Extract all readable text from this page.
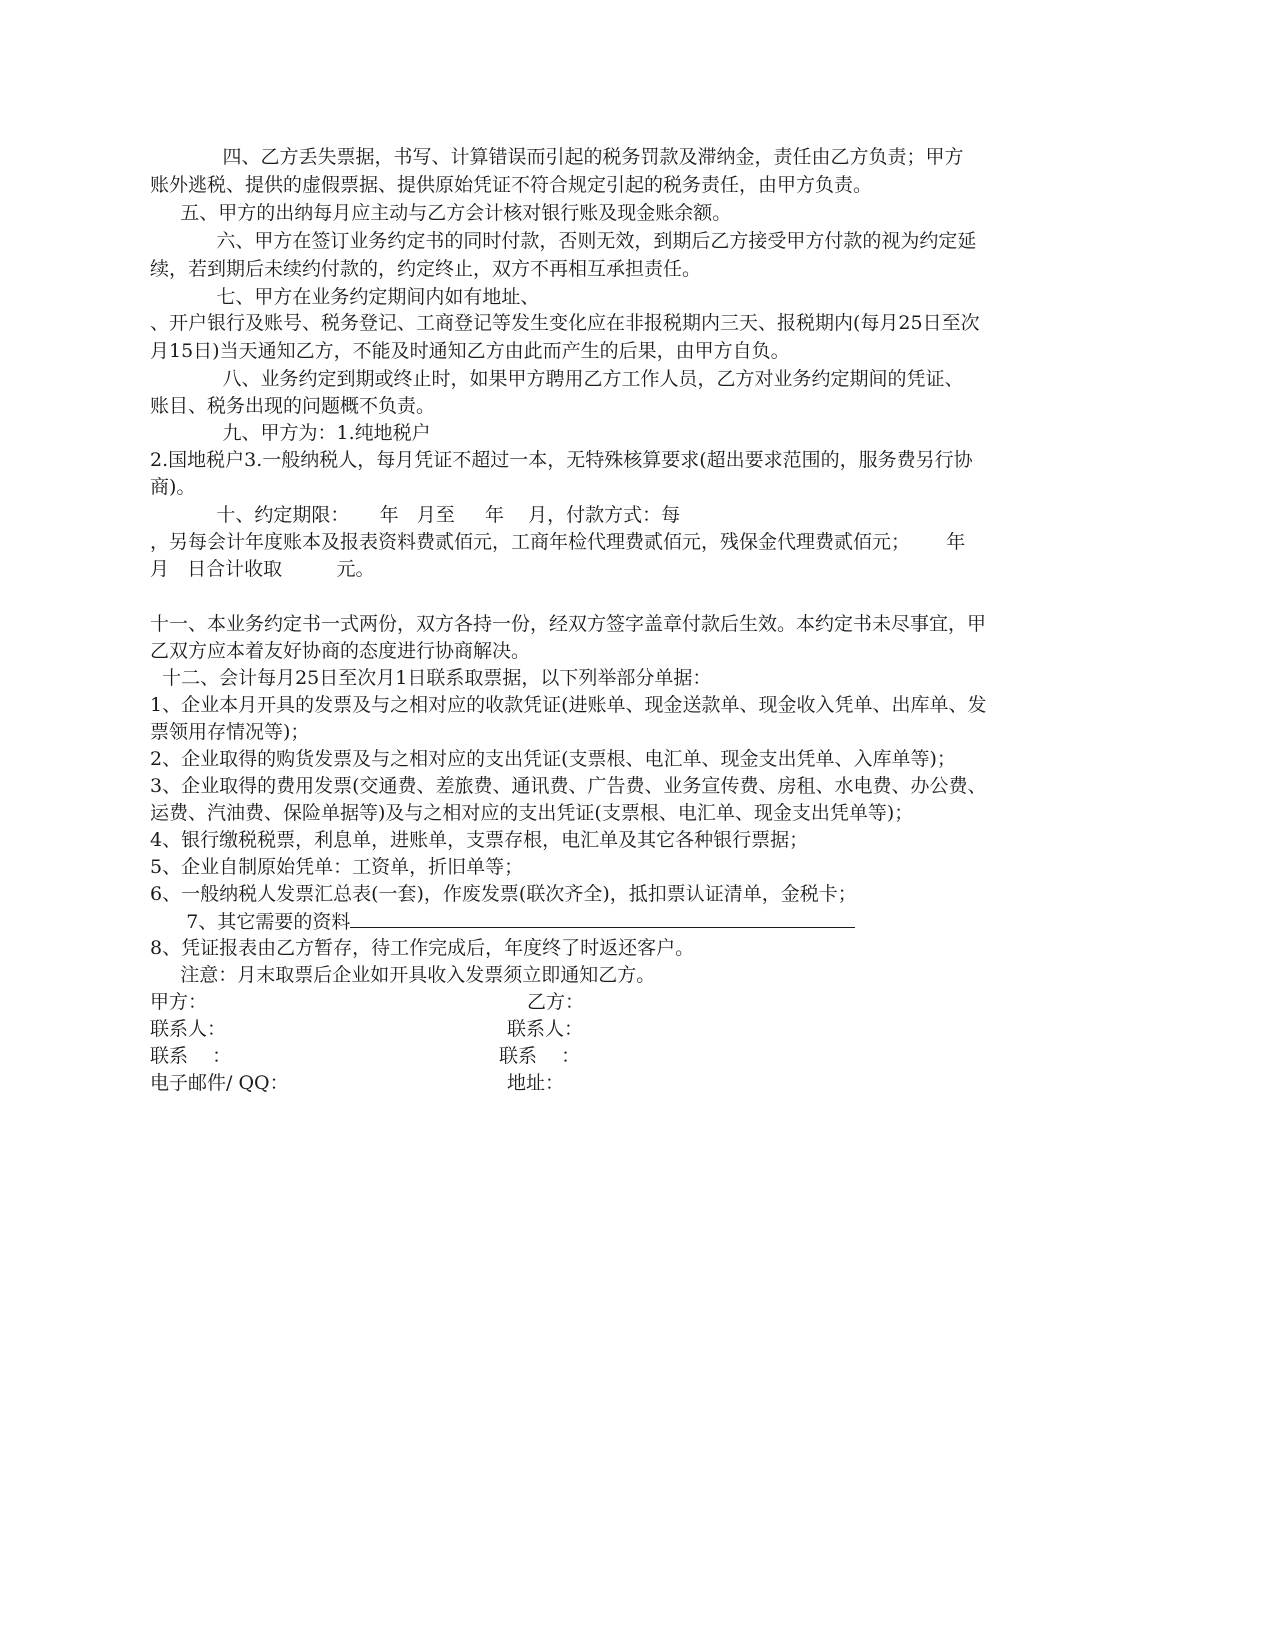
四、乙方丢失票据，书写、计算错误而引起的税务罚款及滞纳金，责任由乙方负责；甲方
账外逃税、提供的虚假票据、提供原始凭证不符合规定引起的税务责任，由甲方负责。
五、甲方的出纳每月应主动与乙方会计核对银行账及现金账余额。
六、甲方在签订业务约定书的同时付款，否则无效，到期后乙方接受甲方付款的视为约定延
续，若到期后未续约付款的，约定终止，双方不再相互承担责任。
七、甲方在业务约定期间内如有地址、
、开户银行及账号、税务登记、工商登记等发生变化应在非报税期内三天、报税期内(每月25日至次
月15日)当天通知乙方，不能及时通知乙方由此而产生的后果，由甲方自负。
八、业务约定到期或终止时，如果甲方聘用乙方工作人员，乙方对业务约定期间的凭证、
账目、税务出现的问题概不负责。
九、甲方为：1.纯地税户
2.国地税户3.一般纳税人，每月凭证不超过一本，无特殊核算要求(超出要求范围的，服务费另行协
商)。
十、约定期限：     年   月至     年    月，付款方式：每
，另每会计年度账本及报表资料费贰佰元，工商年检代理费贰佰元，残保金代理费贰佰元；      年
月   日合计收取         元。
十一、本业务约定书一式两份，双方各持一份，经双方签字盖章付款后生效。本约定书未尽事宜，甲
乙双方应本着友好协商的态度进行协商解决。
十二、会计每月25日至次月1日联系取票据，以下列举部分单据：
1、企业本月开具的发票及与之相对应的收款凭证(进账单、现金送款单、现金收入凭单、出库单、发
票领用存情况等)；
2、企业取得的购货发票及与之相对应的支出凭证(支票根、电汇单、现金支出凭单、入库单等)；
3、企业取得的费用发票(交通费、差旅费、通讯费、广告费、业务宣传费、房租、水电费、办公费、
运费、汽油费、保险单据等)及与之相对应的支出凭证(支票根、电汇单、现金支出凭单等)；
4、银行缴税税票，利息单，进账单，支票存根，电汇单及其它各种银行票据；
5、企业自制原始凭单：工资单，折旧单等；
6、一般纳税人发票汇总表(一套)，作废发票(联次齐全)，抵扣票认证清单，金税卡；
7、其它需要的资料
8、凭证报表由乙方暂存，待工作完成后，年度终了时返还客户。
注意：月末取票后企业如开具收入发票须立即通知乙方。
甲方：	乙方：
联系人：	联系人：
联系    ：	联系    ：
电子邮件/ QQ：	地址：
